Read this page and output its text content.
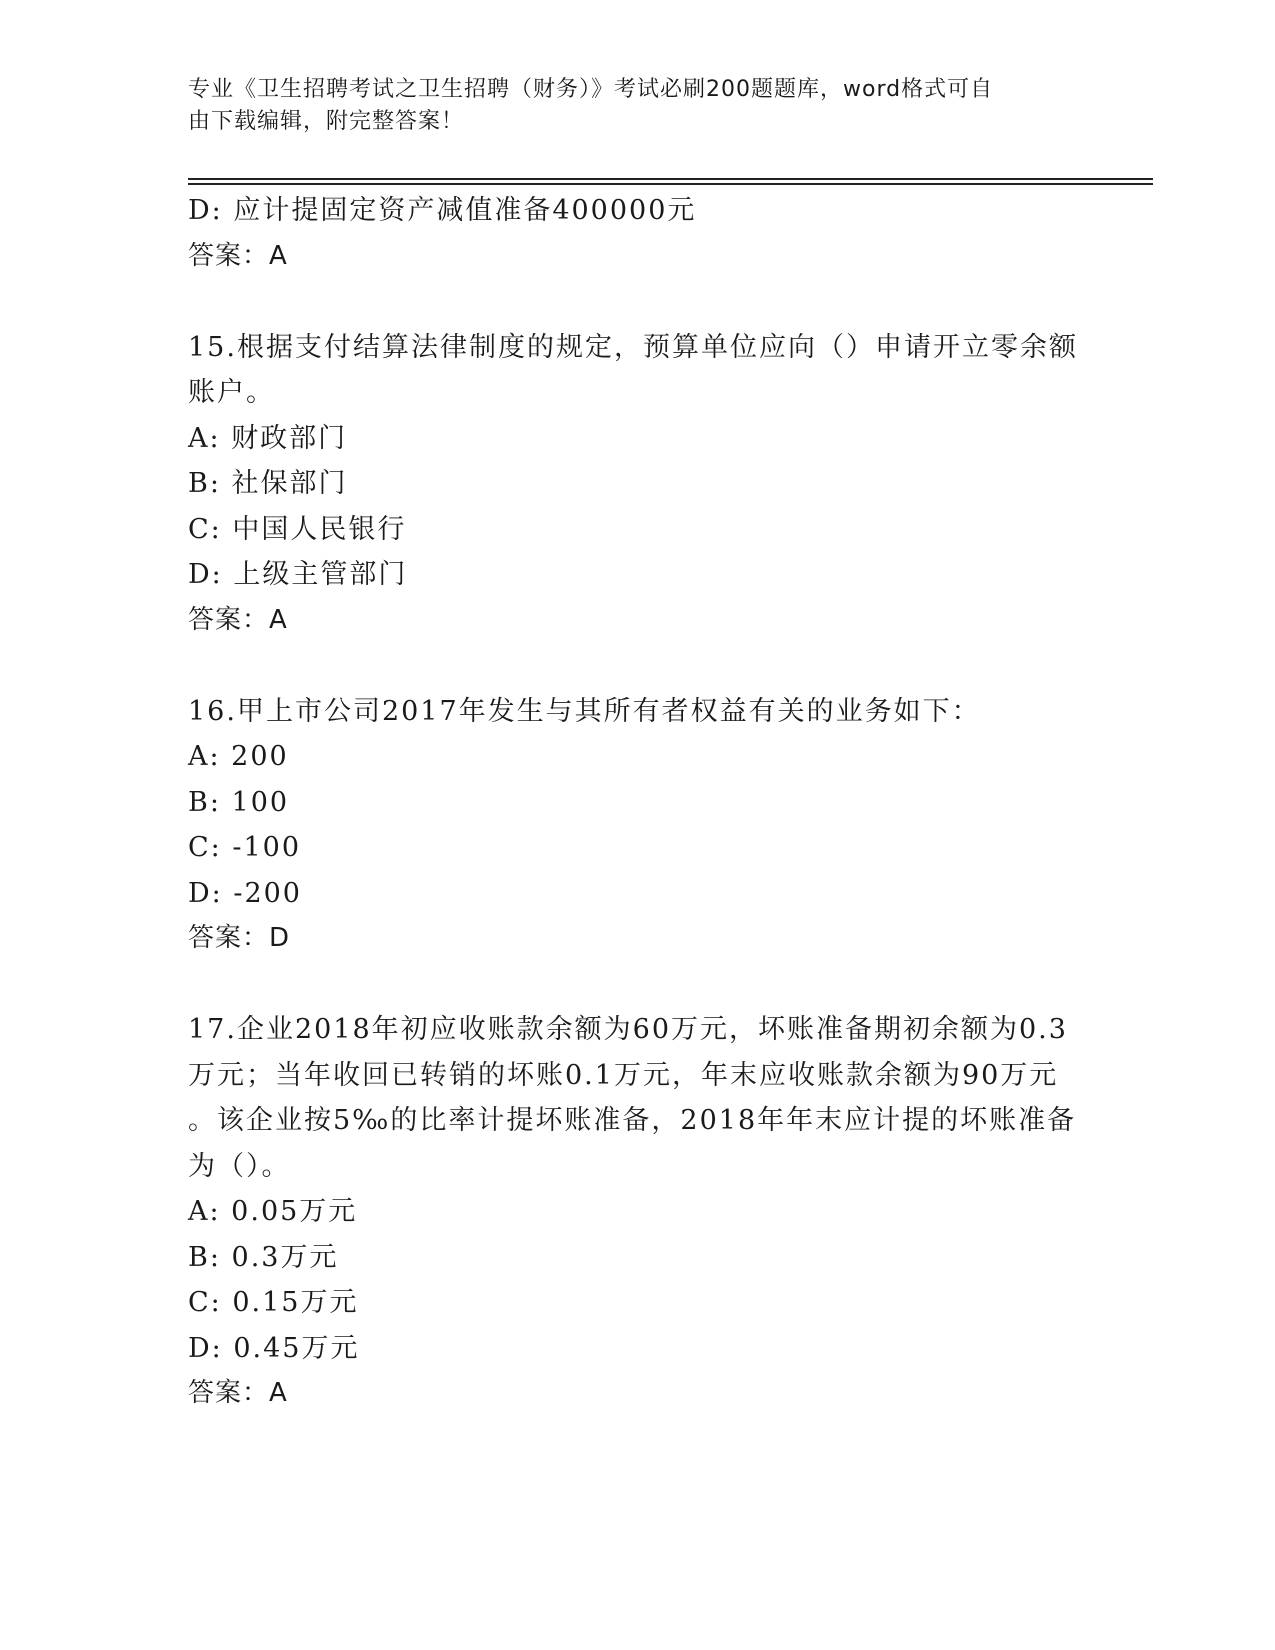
专业《卫生招聘考试之卫生招聘（财务）》考试必刷200题题库，word格式可自
由下载编辑，附完整答案！
D: 应计提固定资产减值准备400000元
答案：A
15.根据支付结算法律制度的规定，预算单位应向（）申请开立零余额
账户。
A: 财政部门
B: 社保部门
C: 中国人民银行
D: 上级主管部门
答案：A
16.甲上市公司2017年发生与其所有者权益有关的业务如下：
A: 200
B: 100
C: -100
D: -200
答案：D
17.企业2018年初应收账款余额为60万元，坏账准备期初余额为0.3
万元；当年收回已转销的坏账0.1万元，年末应收账款余额为90万元
。该企业按5‰的比率计提坏账准备，2018年年末应计提的坏账准备
为（）。
A: 0.05万元
B: 0.3万元
C: 0.15万元
D: 0.45万元
答案：A
